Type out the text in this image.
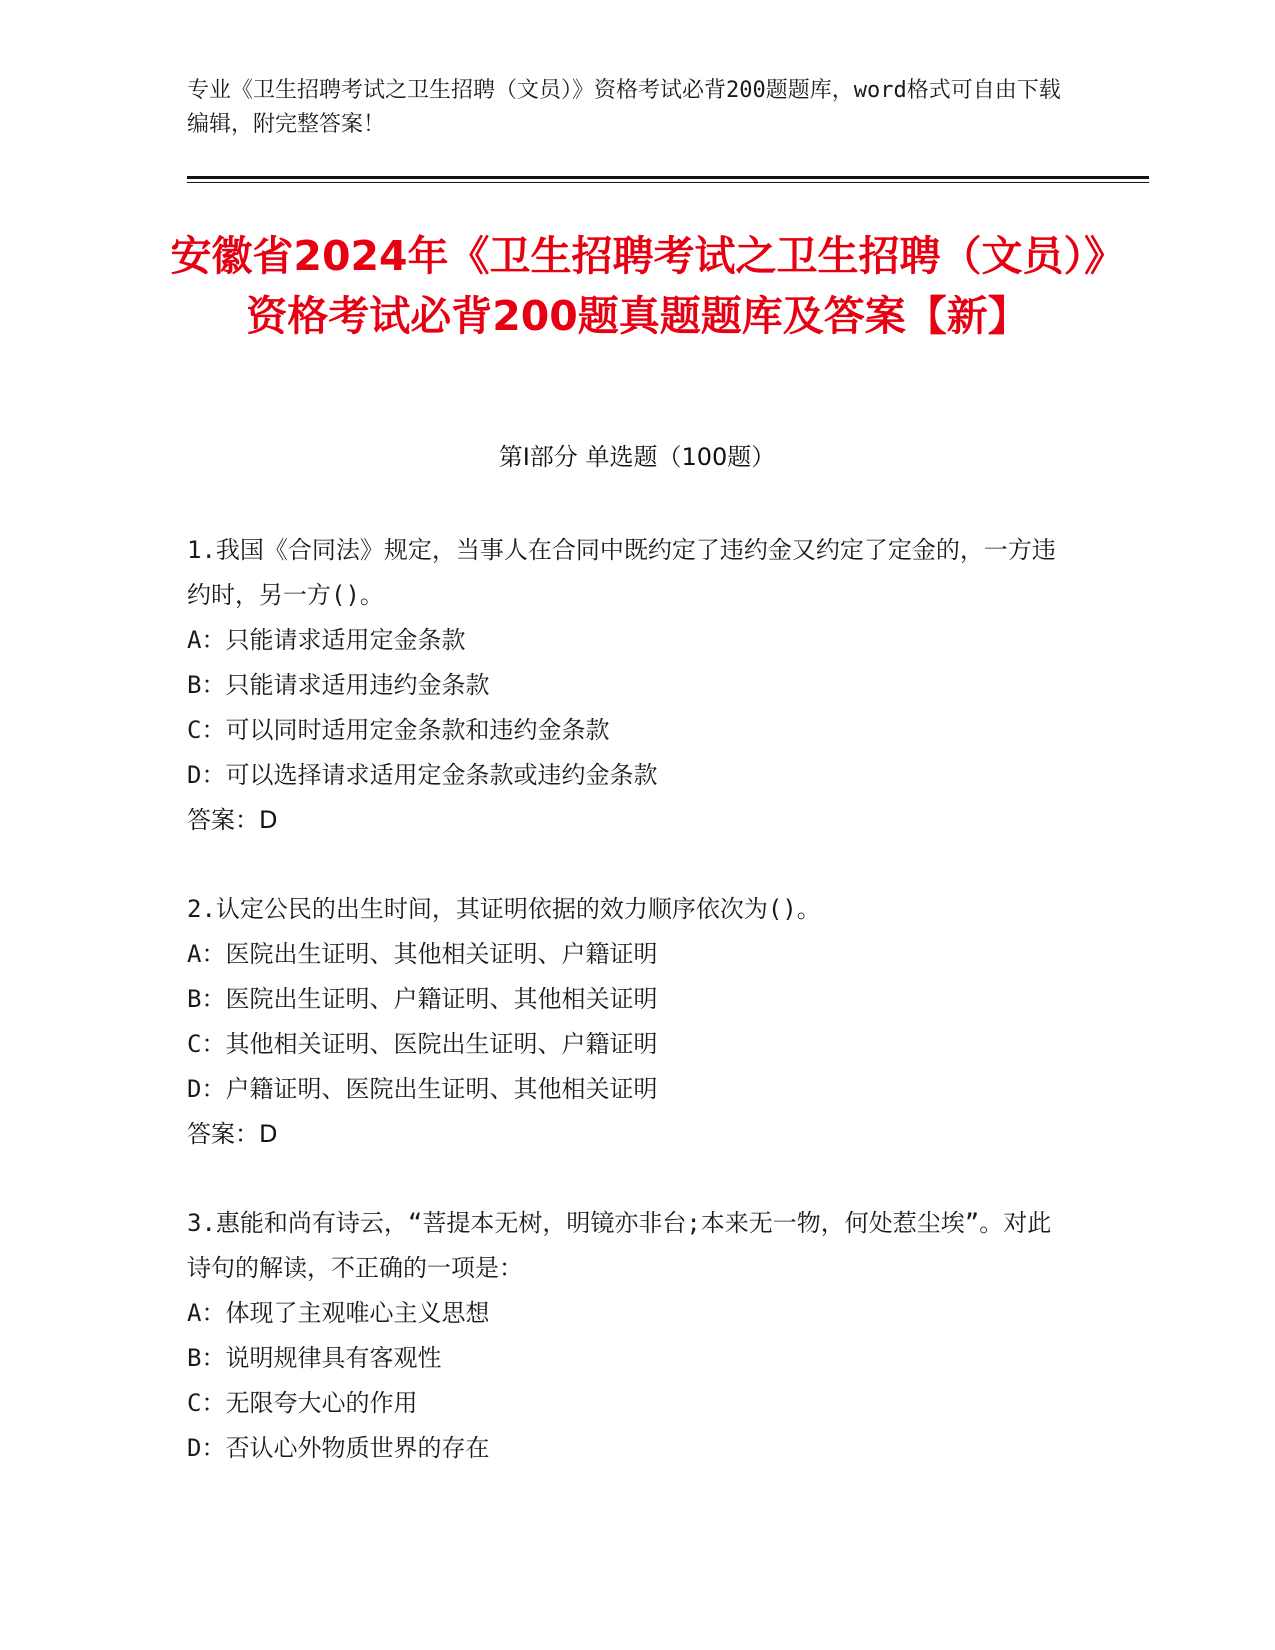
专业《卫生招聘考试之卫生招聘（文员）》资格考试必背200题题库，word格式可自由下载编辑，附完整答案！
安徽省2024年《卫生招聘考试之卫生招聘（文员）》资格考试必背200题真题题库及答案【新】
第I部分 单选题（100题）
1.我国《合同法》规定，当事人在合同中既约定了违约金又约定了定金的，一方违约时，另一方()。
A：只能请求适用定金条款
B：只能请求适用违约金条款
C：可以同时适用定金条款和违约金条款
D：可以选择请求适用定金条款或违约金条款
答案：D
2.认定公民的出生时间，其证明依据的效力顺序依次为()。
A：医院出生证明、其他相关证明、户籍证明
B：医院出生证明、户籍证明、其他相关证明
C：其他相关证明、医院出生证明、户籍证明
D：户籍证明、医院出生证明、其他相关证明
答案：D
3.惠能和尚有诗云，“菩提本无树，明镜亦非台;本来无一物，何处惹尘埃”。对此诗句的解读，不正确的一项是：
A：体现了主观唯心主义思想
B：说明规律具有客观性
C：无限夸大心的作用
D：否认心外物质世界的存在
